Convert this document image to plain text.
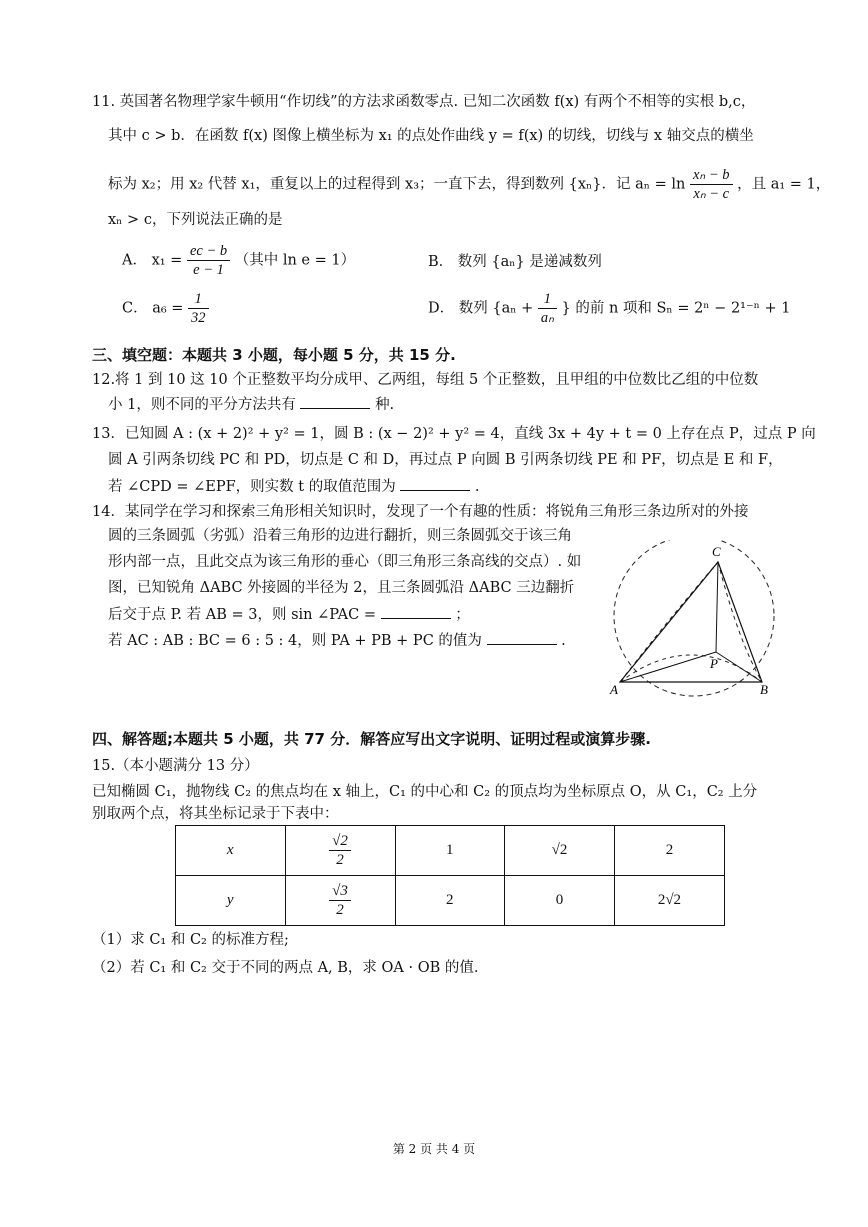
11. 英国著名物理学家牛顿用“作切线”的方法求函数零点. 已知二次函数 f(x) 有两个不相等的实根 b,c，
其中 c > b．在函数 f(x) 图像上横坐标为 x₁ 的点处作曲线 y = f(x) 的切线，切线与 x 轴交点的横坐
标为 x₂；用 x₂ 代替 x₁，重复以上的过程得到 x₃；一直下去，得到数列 {xₙ}．记 $a_n = \ln \frac{\text{xₙ − b}}{\text{xₙ − c}}$ ，且 a₁ = 1，
xₙ > c，下列说法正确的是
A． $x_1 = \frac{ec - b}{e - 1}$ （其中 ln e = 1）	B． 数列 {aₙ} 是递减数列
C． $a_6 = \frac{1}{32}$	D． 数列 {$a_n + \frac{1}{\text{aₙ}}$ } 的前 n 项和 Sₙ = 2ⁿ − 2¹⁻ⁿ + 1
三、填空题：本题共 3 小题，每小题 5 分，共 15 分.
12.将 1 到 10 这 10 个正整数平均分成甲、乙两组，每组 5 个正整数，且甲组的中位数比乙组的中位数
小 1，则不同的平分方法共有	种.
13．已知圆 A : (x + 2)² + y² = 1，圆 B : (x − 2)² + y² = 4，直线 3x + 4y + t = 0 上存在点 P，过点 P 向
圆 A 引两条切线 PC 和 PD，切点是 C 和 D，再过点 P 向圆 B 引两条切线 PE 和 PF，切点是 E 和 F，
若 ∠CPD = ∠EPF，则实数 t 的取值范围为	.
14．某同学在学习和探索三角形相关知识时，发现了一个有趣的性质：将锐角三角形三条边所对的外接
圆的三条圆弧（劣弧）沿着三角形的边进行翻折，则三条圆弧交于该三角
形内部一点，且此交点为该三角形的垂心（即三角形三条高线的交点）. 如
图，已知锐角 ΔABC 外接圆的半径为 2，且三条圆弧沿 ΔABC 三边翻折
后交于点 P. 若 AB = 3，则 sin ∠PAC =	；
若 AC : AB : BC = 6 : 5 : 4，则 PA + PB + PC 的值为	.
C
A	B
P
四、解答题;本题共 5 小题，共 77 分．解答应写出文字说明、证明过程或演算步骤.
15.（本小题满分 13 分）
已知椭圆 C₁，抛物线 C₂ 的焦点均在 x 轴上，C₁ 的中心和 C₂ 的顶点均为坐标原点 O，从 C₁，C₂ 上分
别取两个点，将其坐标记录于下表中：
x	$\frac{√2}{2}$	1	√2	2
y	$\frac{√3}{2}$	2	0	2√2
（1）求 C₁ 和 C₂ 的标准方程;
（2）若 C₁ 和 C₂ 交于不同的两点 A, B，求 OA · OB 的值.
第 2 页 共 4 页
